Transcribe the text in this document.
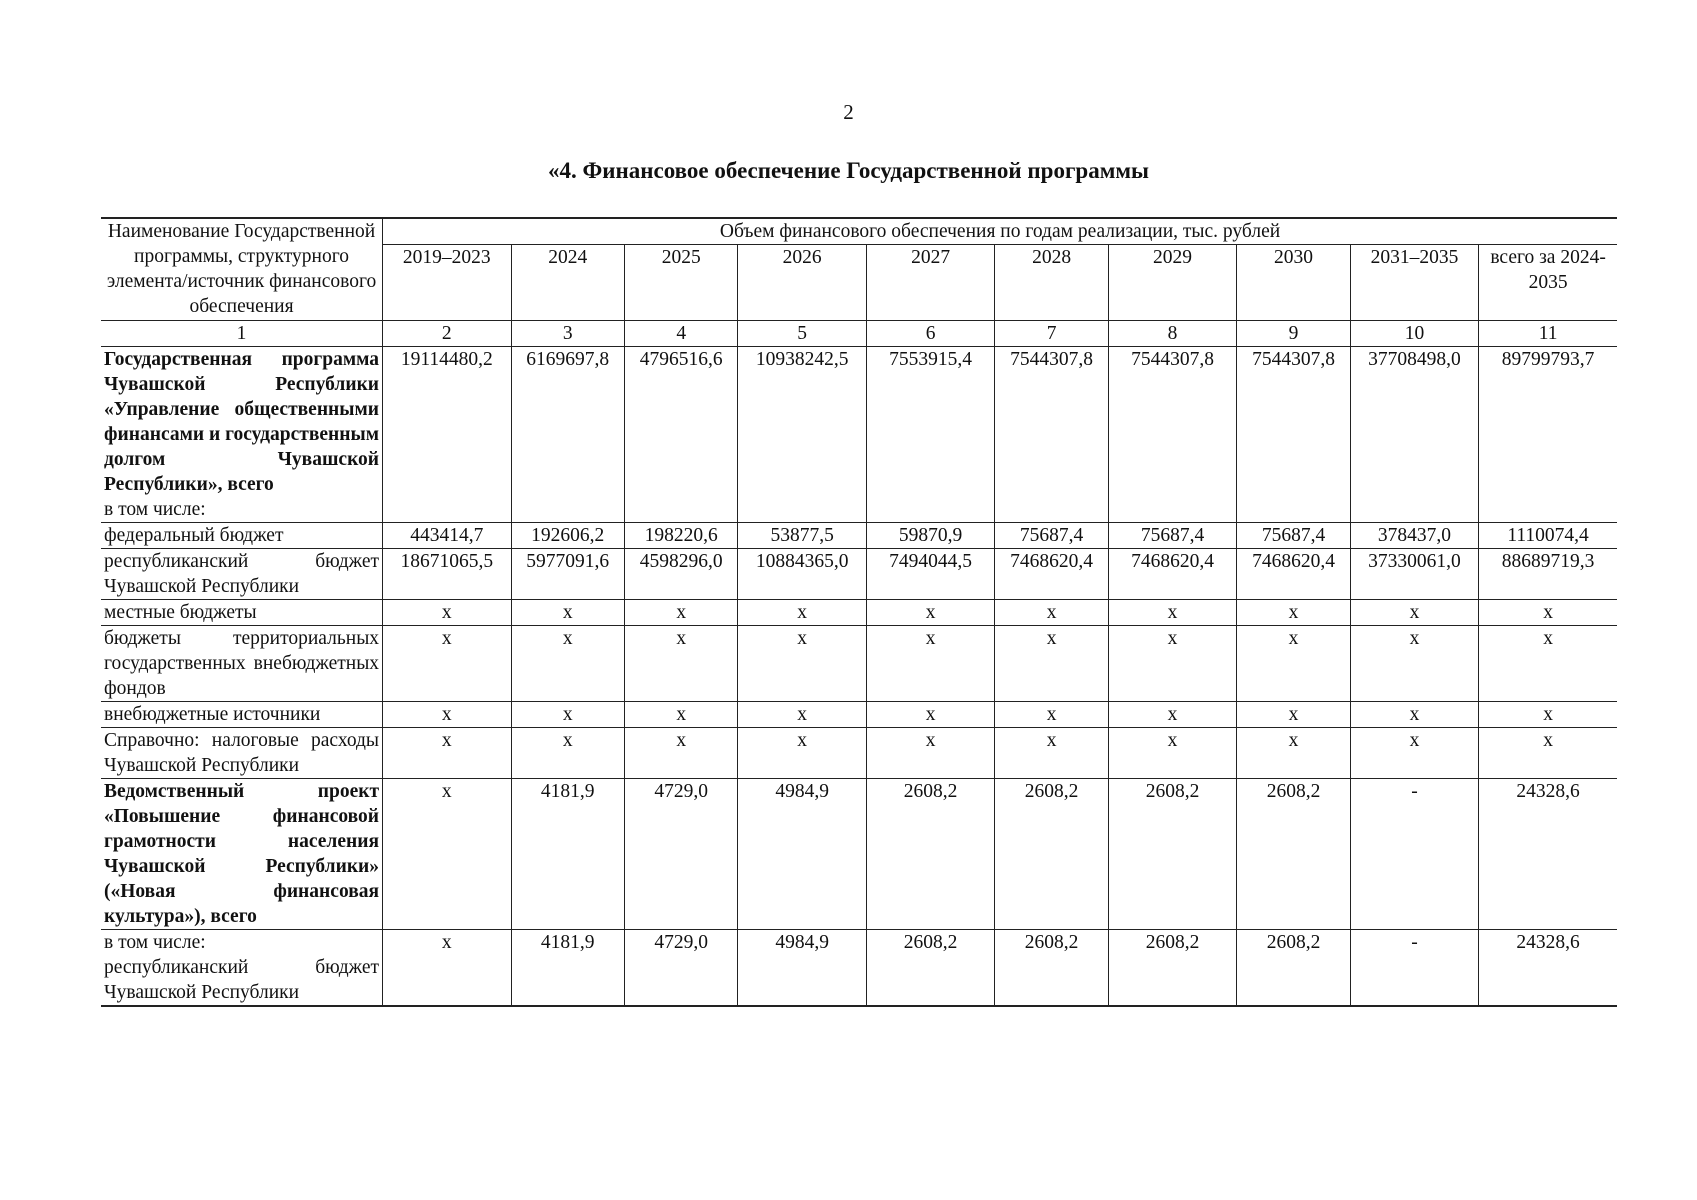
2
«4. Финансовое обеспечение Государственной программы
Наименование Государственной программы, структурного элемента/источник финансового обеспечения	Объем финансового обеспечения по годам реализации, тыс. рублей									
	2019–2023	2024	2025	2026	2027	2028	2029	2030	2031–2035	всего за 2024-2035
1	2	3	4	5	6	7	8	9	10	11
Государственная программа Чувашской Республики «Управление общественными финансами и государственным долгом Чувашской Республики», всего
в том числе:	19114480,2	6169697,8	4796516,6	10938242,5	7553915,4	7544307,8	7544307,8	7544307,8	37708498,0	89799793,7
федеральный бюджет	443414,7	192606,2	198220,6	53877,5	59870,9	75687,4	75687,4	75687,4	378437,0	1110074,4
республиканский бюджет Чувашской Республики	18671065,5	5977091,6	4598296,0	10884365,0	7494044,5	7468620,4	7468620,4	7468620,4	37330061,0	88689719,3
местные бюджеты	х	х	х	х	х	х	х	х	х	х
бюджеты территориальных государственных внебюджетных фондов	х	х	х	х	х	х	х	х	х	х
внебюджетные источники	х	х	х	х	х	х	х	х	х	х
Справочно: налоговые расходы Чувашской Республики	х	х	х	х	х	х	х	х	х	х
Ведомственный проект «Повышение финансовой грамотности населения Чувашской Республики» («Новая финансовая культура»), всего	х	4181,9	4729,0	4984,9	2608,2	2608,2	2608,2	2608,2	-	24328,6

в том числе:
республиканский бюджет Чувашской Республики	х	4181,9	4729,0	4984,9	2608,2	2608,2	2608,2	2608,2	-	24328,6
